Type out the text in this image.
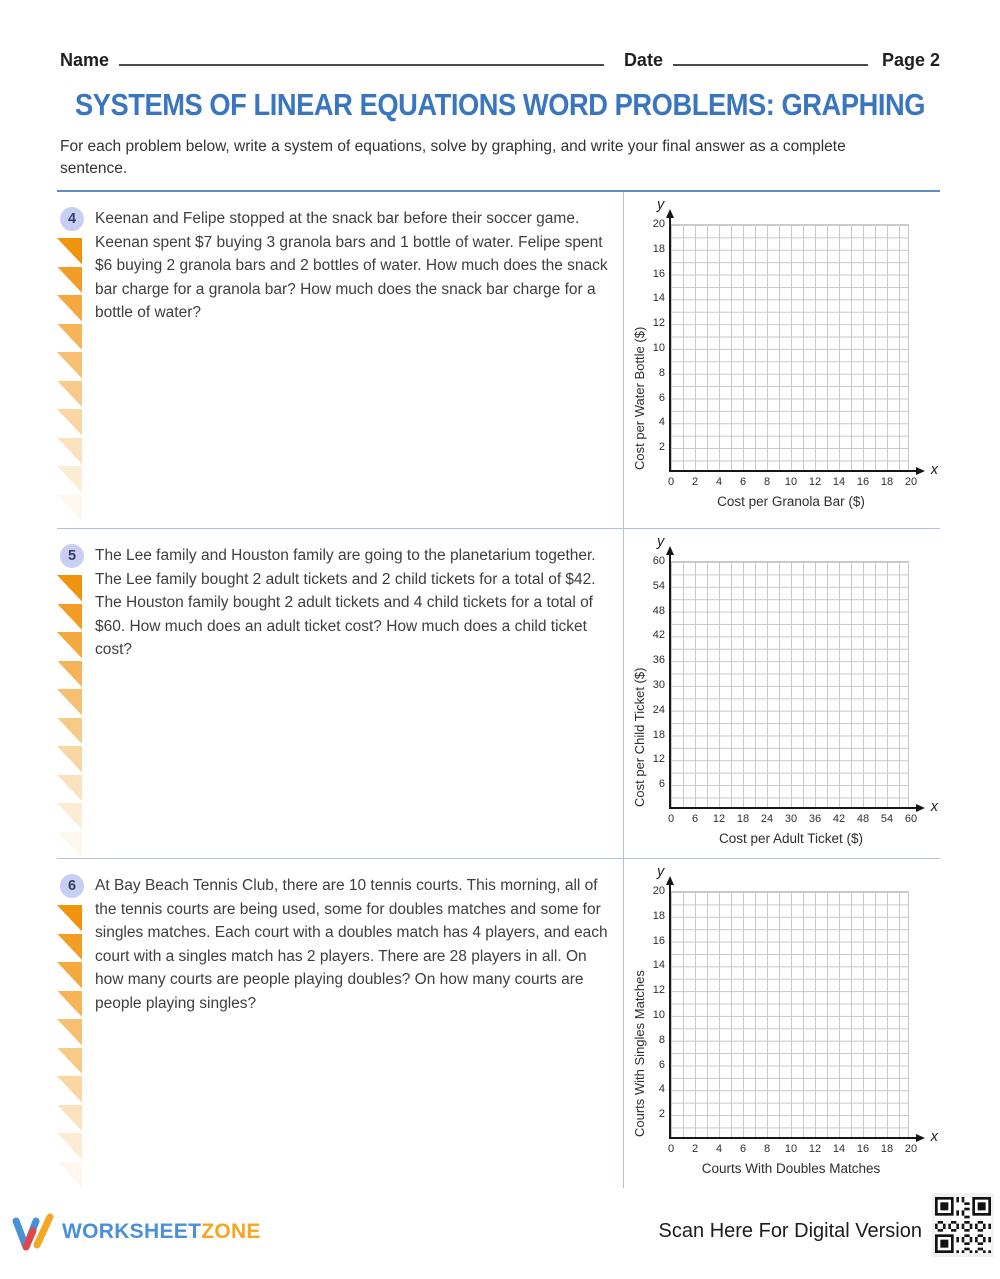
Name	Date	Page 2
SYSTEMS OF LINEAR EQUATIONS WORD PROBLEMS: GRAPHING

For each problem below, write a system of equations, solve by graphing, and write your final answer as a complete sentence.

4	Keenan and Felipe stopped at the snack bar before their soccer game. Keenan spent $7 buying 3 granola bars and 1 bottle of water. Felipe spent $6 buying 2 granola bars and 2 bottles of water. How much does the snack bar charge for a granola bar? How much does the snack bar charge for a bottle of water?

y
x
0	2	4	6	8	10	12	14	16	18	20
2
4
6
8
10
12
14
16
18
20
Cost per Granola Bar ($)
Cost per Water Bottle ($)
5	The Lee family and Houston family are going to the planetarium together. The Lee family bought 2 adult tickets and 2 child tickets for a total of $42. The Houston family bought 2 adult tickets and 4 child tickets for a total of $60. How much does an adult ticket cost? How much does a child ticket cost?

y
x
0	6	12	18	24	30	36	42	48	54	60
6
12
18
24
30
36
42
48
54
60
Cost per Adult Ticket ($)
Cost per Child Ticket ($)
6	At Bay Beach Tennis Club, there are 10 tennis courts. This morning, all of the tennis courts are being used, some for doubles matches and some for singles matches. Each court with a doubles match has 4 players, and each court with a singles match has 2 players. There are 28 players in all. On how many courts are people playing doubles? On how many courts are people playing singles?

y
x
0	2	4	6	8	10	12	14	16	18	20
2
4
6
8
10
12
14
16
18
20
Courts With Doubles Matches
Courts With Singles Matches
WORKSHEETZONE	Scan Here For Digital Version
